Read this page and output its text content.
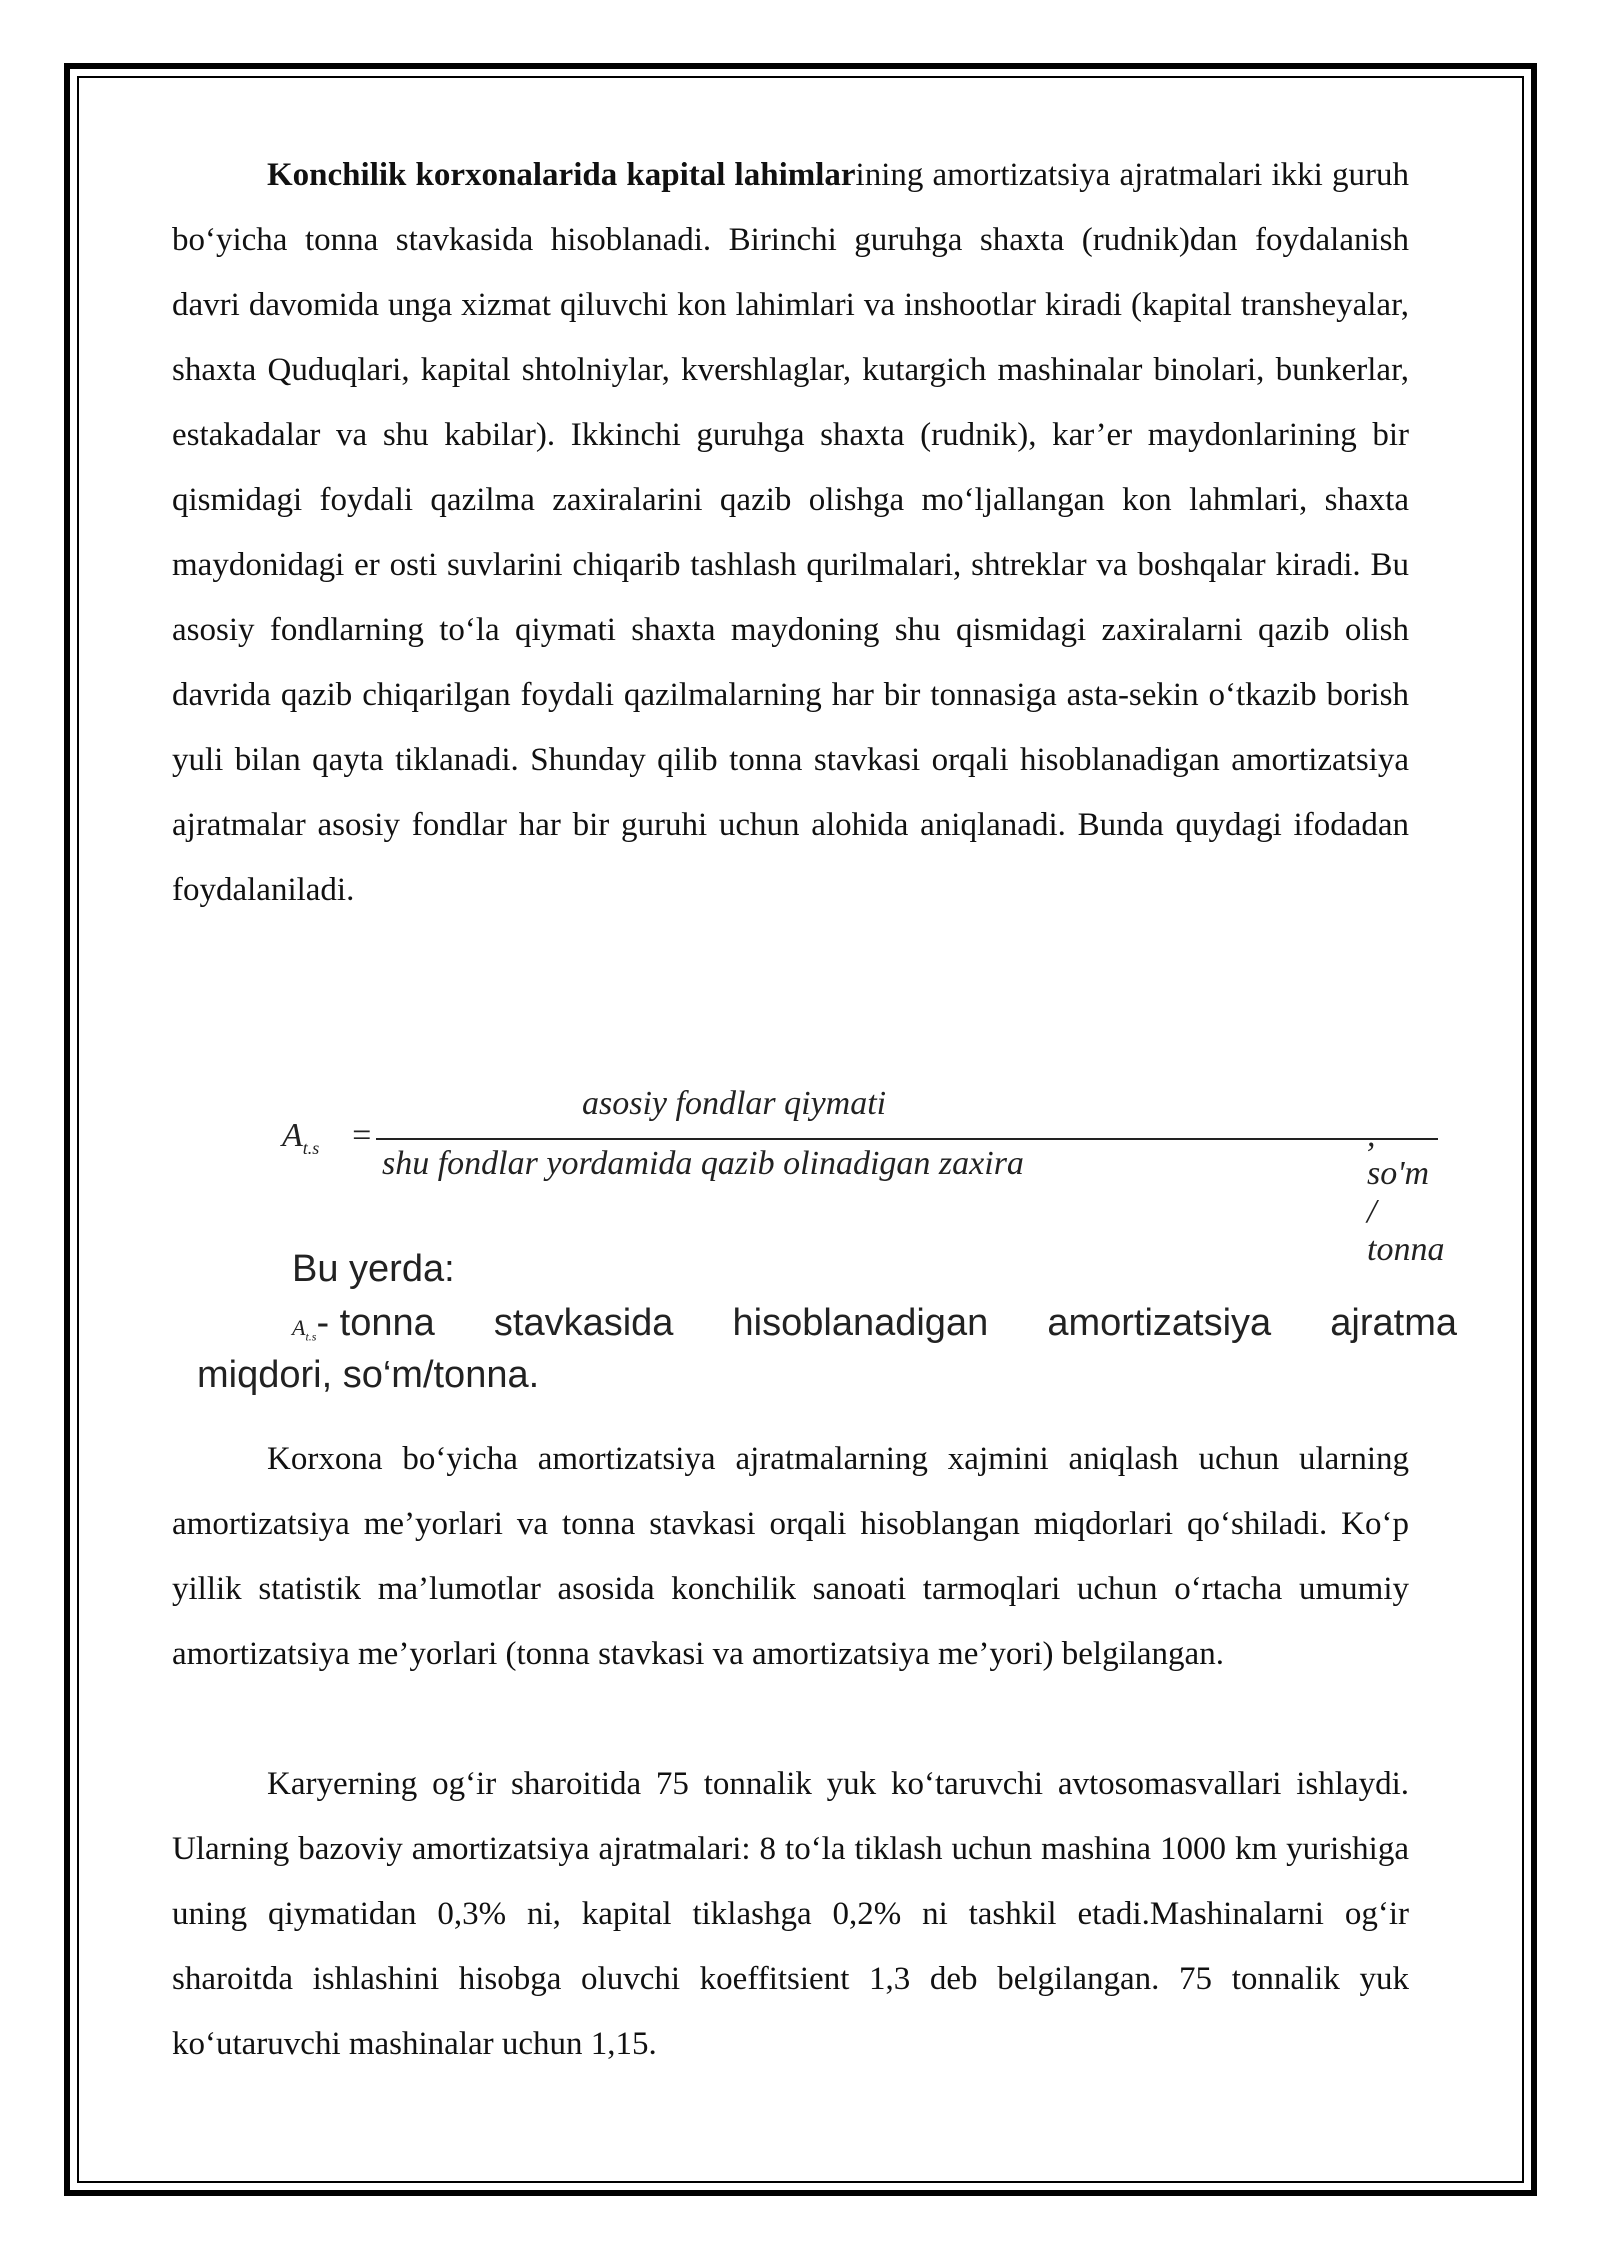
Konchilik korxonalarida kapital lahimlarining amortizatsiya ajratmalari ikki guruh bo‘yicha tonna stavkasida hisoblanadi. Birinchi guruhga shaxta (rudnik)dan foydalanish davri davomida unga xizmat qiluvchi kon lahimlari va inshootlar kiradi (kapital transheyalar, shaxta Quduqlari, kapital shtolniylar, kvershlaglar, kutargich mashinalar binolari, bunkerlar, estakadalar va shu kabilar). Ikkinchi guruhga shaxta (rudnik), kar’er maydonlarining bir qismidagi foydali qazilma zaxiralarini qazib olishga mo‘ljallangan kon lahmlari, shaxta maydonidagi er osti suvlarini chiqarib tashlash qurilmalari, shtreklar va boshqalar kiradi. Bu asosiy fondlarning to‘la qiymati shaxta maydoning shu qismidagi zaxiralarni qazib olish davrida qazib chiqarilgan foydali qazilmalarning har bir tonnasiga asta-sekin o‘tkazib borish yuli bilan qayta tiklanadi. Shunday qilib tonna stavkasi orqali hisoblanadigan amortizatsiya ajratmalar asosiy fondlar har bir guruhi uchun alohida aniqlanadi. Bunda quydagi ifodadan foydalaniladi.

$A_{t.s}$ =
asosiy fondlar qiymati
shu fondlar yordamida qazib olinadigan zaxira
, so'm / tonna
Bu yerda:
$A_{t.s}-$ tonna stavkasida hisoblanadigan amortizatsiya ajratma
miqdori, so‘m/tonna.

Korxona bo‘yicha amortizatsiya ajratmalarning xajmini aniqlash uchun ularning amortizatsiya me’yorlari va tonna stavkasi orqali hisoblangan miqdorlari qo‘shiladi. Ko‘p yillik statistik ma’lumotlar asosida konchilik sanoati tarmoqlari uchun o‘rtacha umumiy amortizatsiya me’yorlari (tonna stavkasi va amortizatsiya me’yori) belgilangan.

Karyerning og‘ir sharoitida 75 tonnalik yuk ko‘taruvchi avtosomasvallari ishlaydi. Ularning bazoviy amortizatsiya ajratmalari: 8 to‘la tiklash uchun mashina 1000 km yurishiga uning qiymatidan 0,3% ni, kapital tiklashga 0,2% ni tashkil etadi.Mashinalarni og‘ir sharoitda ishlashini hisobga oluvchi koeffitsient 1,3 deb belgilangan. 75 tonnalik yuk ko‘utaruvchi mashinalar uchun 1,15.
